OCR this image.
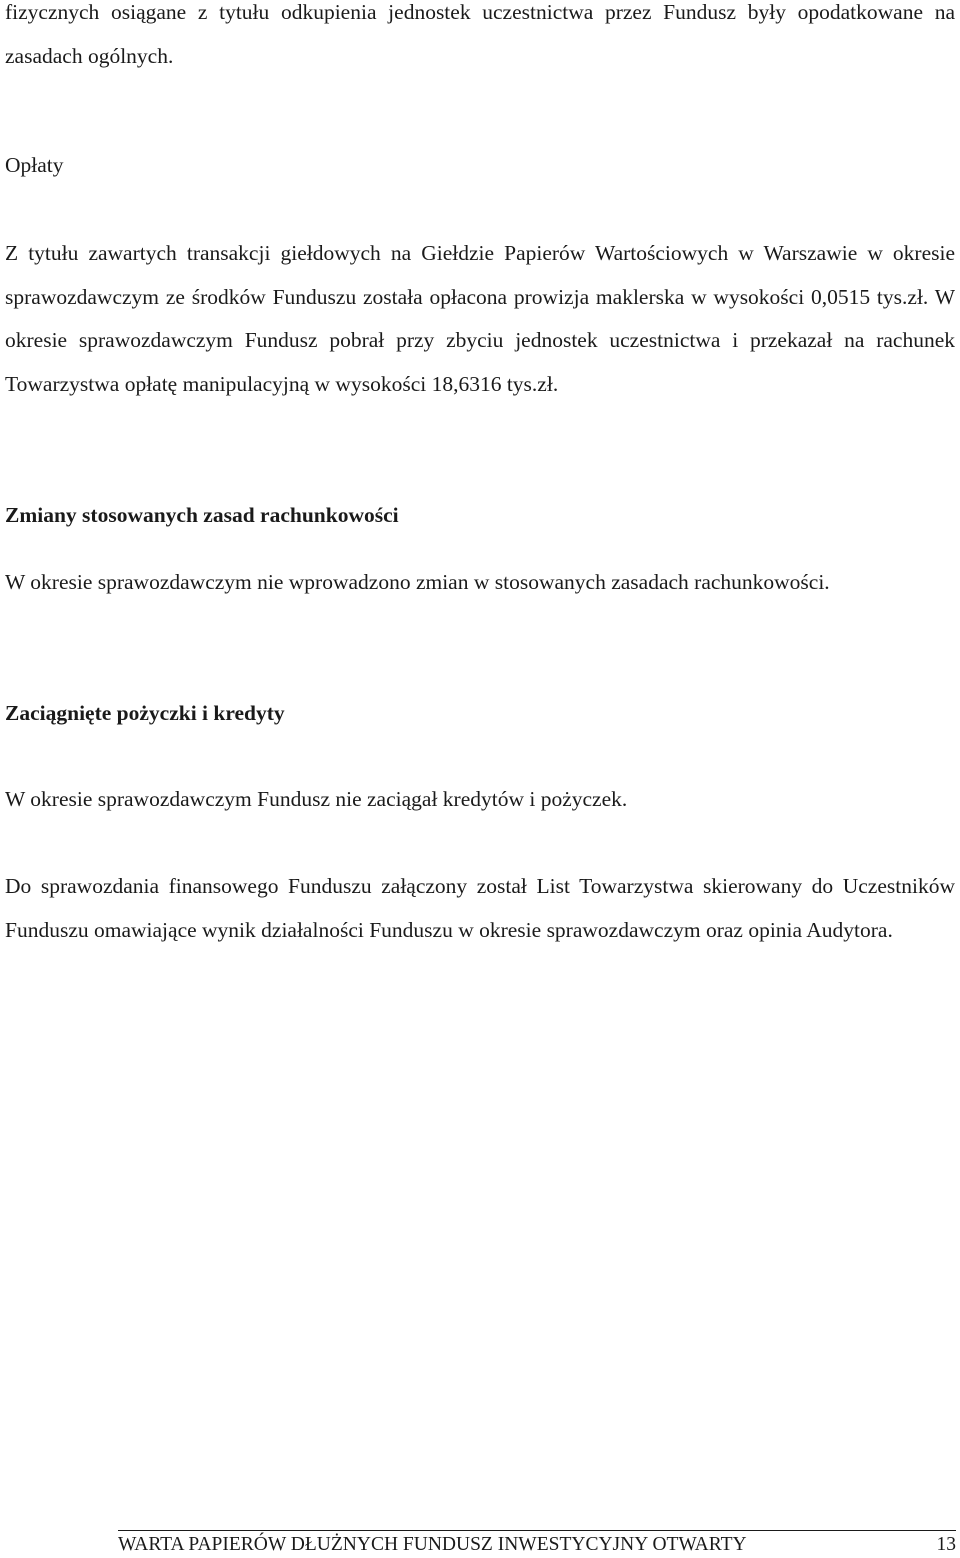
fizycznych osiągane z tytułu odkupienia jednostek uczestnictwa przez Fundusz były opodatkowane na zasadach ogólnych.

Opłaty

Z tytułu zawartych transakcji giełdowych na Giełdzie Papierów Wartościowych w Warszawie w okresie sprawozdawczym ze środków Funduszu została opłacona prowizja maklerska w wysokości 0,0515 tys.zł. W okresie sprawozdawczym Fundusz pobrał przy zbyciu jednostek uczestnictwa i przekazał na rachunek Towarzystwa opłatę manipulacyjną w wysokości 18,6316 tys.zł.

Zmiany stosowanych zasad rachunkowości

W okresie sprawozdawczym nie wprowadzono zmian w stosowanych zasadach rachunkowości.

Zaciągnięte pożyczki i kredyty

W okresie sprawozdawczym Fundusz nie zaciągał kredytów i pożyczek.

Do sprawozdania finansowego Funduszu załączony został List Towarzystwa skierowany do Uczestników Funduszu omawiające wynik działalności Funduszu w okresie sprawozdawczym oraz opinia Audytora.

WARTA PAPIERÓW DŁUŻNYCH FUNDUSZ INWESTYCYJNY OTWARTY	13
